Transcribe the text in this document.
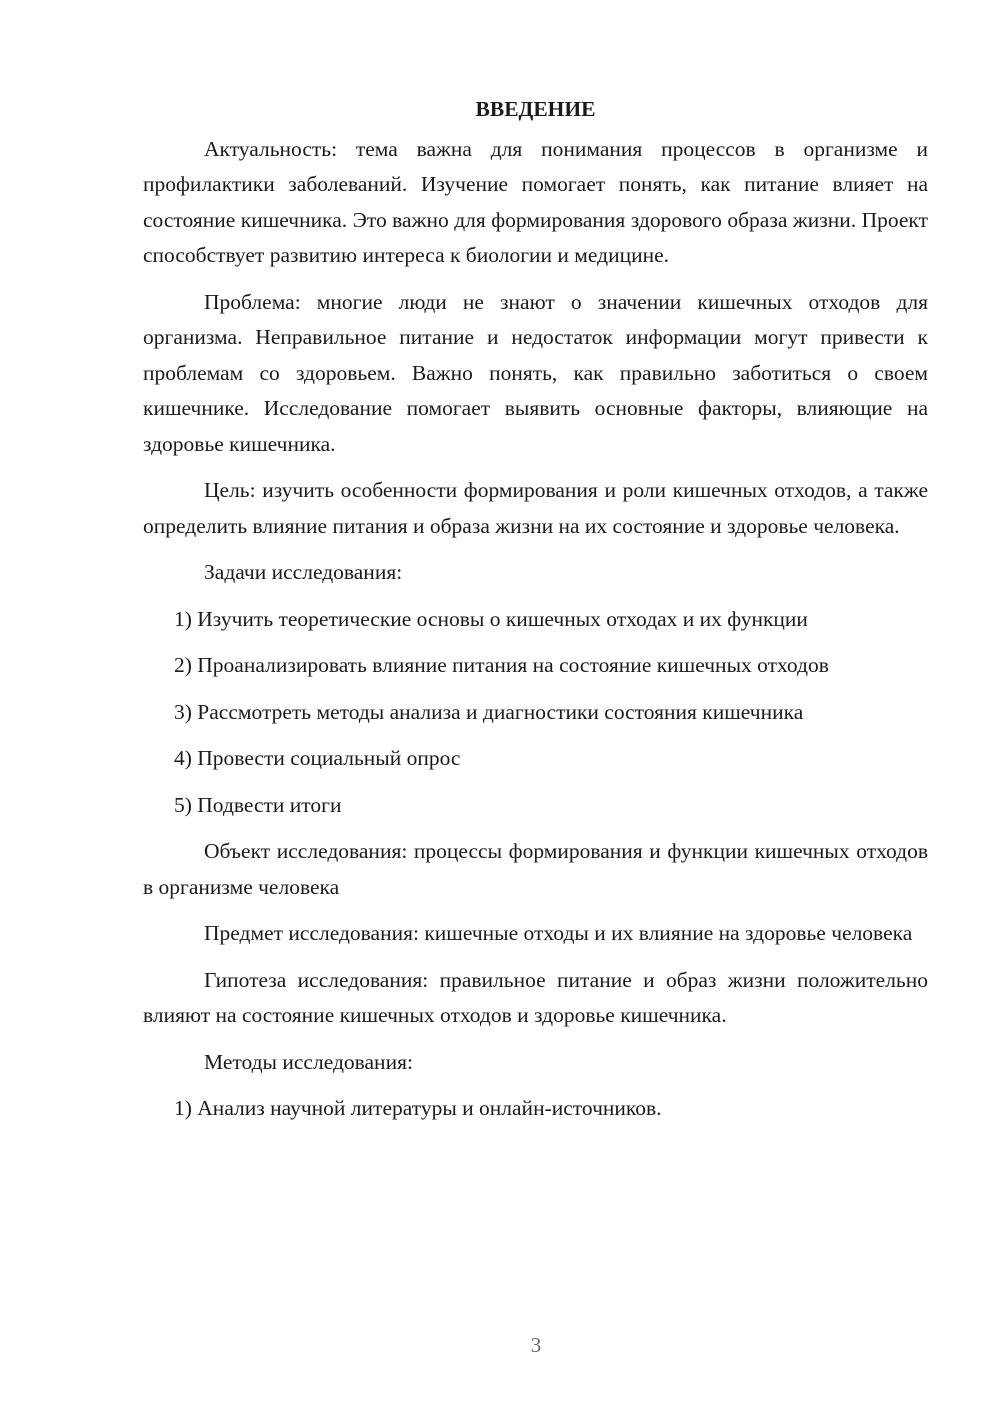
ВВЕДЕНИЕ
Актуальность: тема важна для понимания процессов в организме и профилактики заболеваний. Изучение помогает понять, как питание влияет на состояние кишечника. Это важно для формирования здорового образа жизни. Проект способствует развитию интереса к биологии и медицине.
Проблема: многие люди не знают о значении кишечных отходов для организма. Неправильное питание и недостаток информации могут привести к проблемам со здоровьем. Важно понять, как правильно заботиться о своем кишечнике. Исследование помогает выявить основные факторы, влияющие на здоровье кишечника.
Цель: изучить особенности формирования и роли кишечных отходов, а также определить влияние питания и образа жизни на их состояние и здоровье человека.
Задачи исследования:
1) Изучить теоретические основы о кишечных отходах и их функции
2) Проанализировать влияние питания на состояние кишечных отходов
3) Рассмотреть методы анализа и диагностики состояния кишечника
4) Провести социальный опрос
5) Подвести итоги
Объект исследования: процессы формирования и функции кишечных отходов в организме человека
Предмет исследования: кишечные отходы и их влияние на здоровье человека
Гипотеза исследования: правильное питание и образ жизни положительно влияют на состояние кишечных отходов и здоровье кишечника.
Методы исследования:
1) Анализ научной литературы и онлайн-источников.
3
